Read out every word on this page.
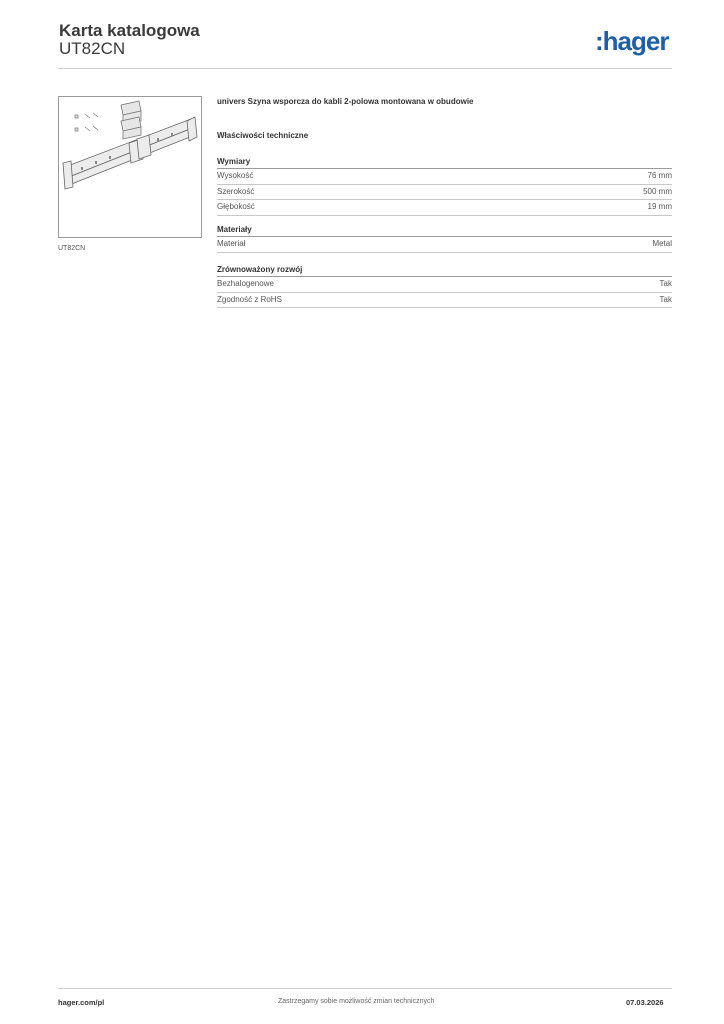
Karta katalogowa
UT82CN	:hager
UT82CN
univers Szyna wsporcza do kabli 2-polowa montowana w obudowie
Właściwości techniczne
Wymiary
Wysokość	76 mm
Szerokość	500 mm
Głębokość	19 mm
Materiały
Materiał	Metal
Zrównoważony rozwój
Bezhalogenowe	Tak
Zgodność z RoHS	Tak
hager.com/pl	Zastrzegamy sobie możliwość zmian technicznych	07.03.2026
